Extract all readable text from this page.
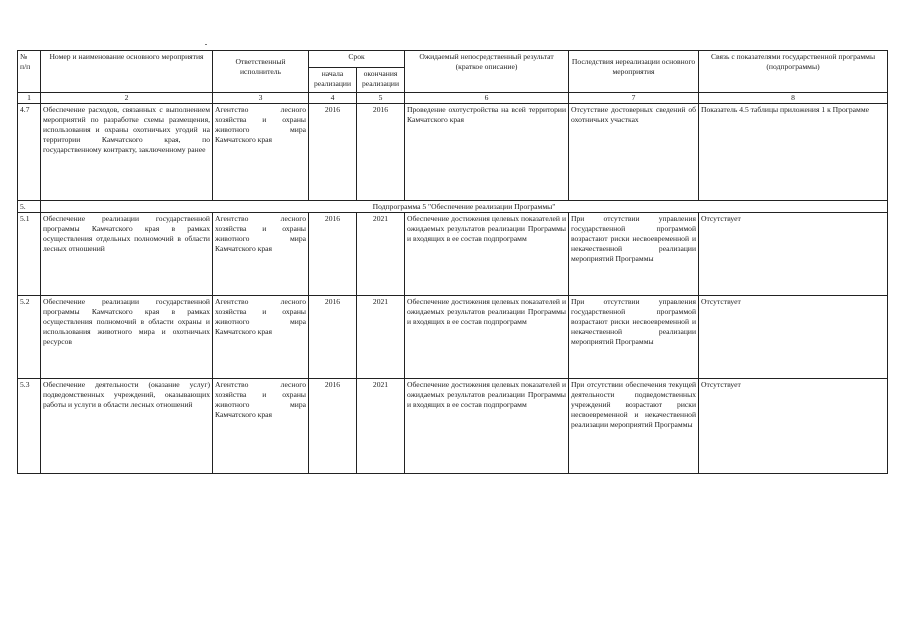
№
п/п	Номер и наименование основного мероприятия	Ответственный исполнитель	Срок		Ожидаемый непосредственный результат (краткое описание)	Последствия нереализации основного мероприятия	Связь с показателями государственной программы (подпрограммы)
			начала реализации	окончания реализации			
1	2	3	4	5	6	7	8
4.7	Обеспечение расходов, связанных с выполнением мероприятий по разработке схемы размещения, использования и охраны охотничьих угодий на территории Камчатского края, по государственному контракту, заключенному ранее	Агентство лесного хозяйства и охраны животного мира Камчатского края	2016	2016	Проведение охотустройства на всей территории Камчатского края	Отсутствие достоверных сведений об охотничьих участках	Показатель 4.5 таблицы приложения 1 к Программе
5.	Подпрограмма 5 "Обеспечение реализации Программы"						
5.1	Обеспечение реализации государственной программы Камчатского края в рамках осуществления отдельных полномочий в области лесных отношений	Агентство лесного хозяйства и охраны животного мира Камчатского края	2016	2021	Обеспечение достижения целевых показателей и ожидаемых результатов реализации Программы и входящих в ее состав подпрограмм	При отсутствии управления государственной программой возрастают риски несвоевременной и некачественной реализации мероприятий Программы	Отсутствует
5.2	Обеспечение реализации государственной программы Камчатского края в рамках осуществления полномочий в области охраны и использования животного мира и охотничьих ресурсов	Агентство лесного хозяйства и охраны животного мира Камчатского края	2016	2021	Обеспечение достижения целевых показателей и ожидаемых результатов реализации Программы и входящих в ее состав подпрограмм	При отсутствии управления государственной программой возрастают риски несвоевременной и некачественной реализации мероприятий Программы	Отсутствует
5.3	Обеспечение деятельности (оказание услуг) подведомственных учреждений, оказывающих работы и услуги в области лесных отношений	Агентство лесного хозяйства и охраны животного мира Камчатского края	2016	2021	Обеспечение достижения целевых показателей и ожидаемых результатов реализации Программы и входящих в ее состав подпрограмм	При отсутствии обеспечения текущей деятельности подведомственных учреждений возрастают риски несвоевременной и некачественной реализации мероприятий Программы	Отсутствует
